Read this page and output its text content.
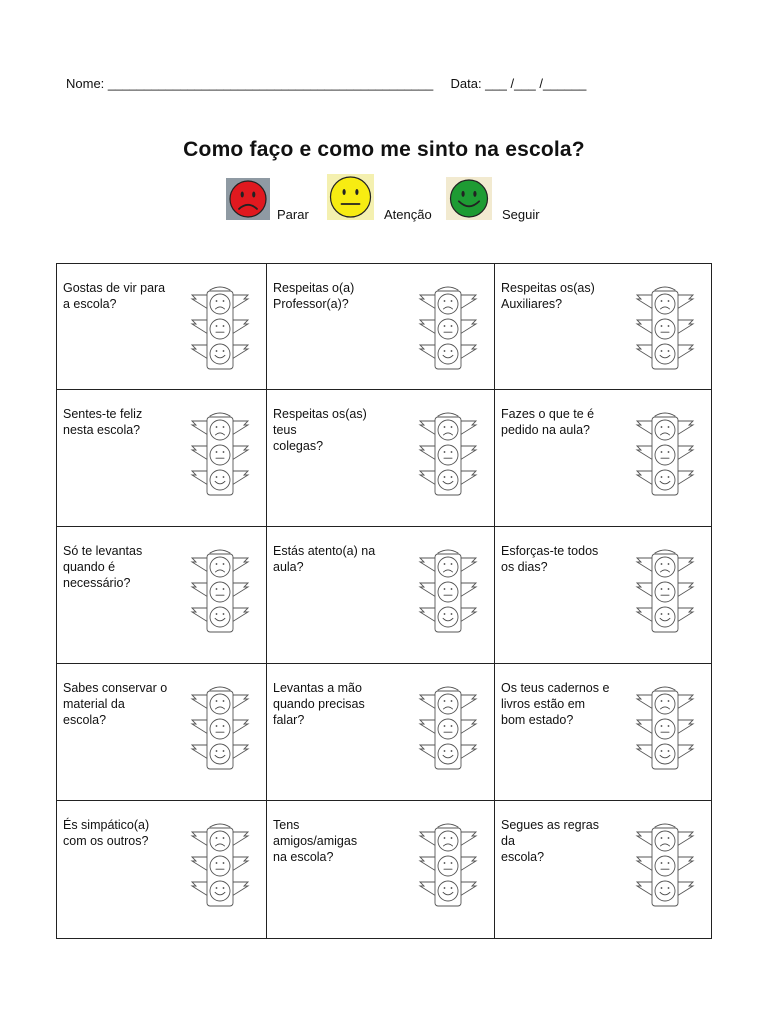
Nome: _____________________________________________ Data: ___ /___ /______
Como faço e como me sinto na escola?
Parar	Atenção	Seguir
Gostas de vir para
a escola?
Respeitas o(a)
Professor(a)?
Respeitas os(as)
Auxiliares?
Sentes-te feliz
nesta escola?
Respeitas os(as) teus
colegas?
Fazes o que te é
pedido na aula?
Só te levantas
quando é
necessário?
Estás atento(a) na
aula?
Esforças-te todos
os dias?
Sabes conservar o
material da
escola?
Levantas a mão
quando precisas
falar?
Os teus cadernos e
livros estão em
bom estado?
És simpático(a)
com os outros?
Tens amigos/amigas
na escola?
Segues as regras da
escola?
